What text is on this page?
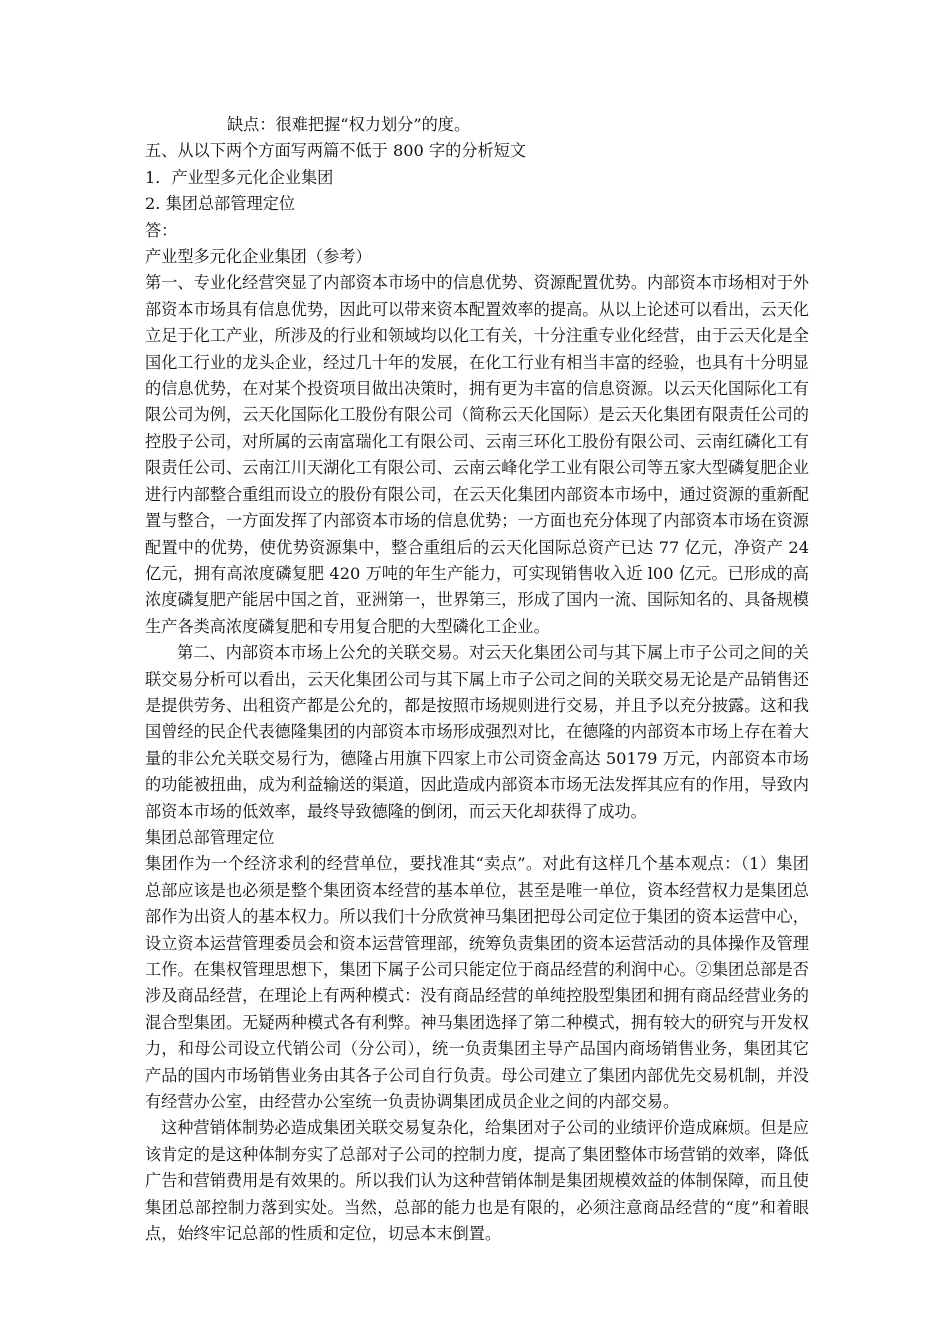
缺点：很难把握“权力划分”的度。
五、从以下两个方面写两篇不低于 800 字的分析短文
1．产业型多元化企业集团
2. 集团总部管理定位
答：
产业型多元化企业集团（参考）

第一、专业化经营突显了内部资本市场中的信息优势、资源配置优势。内部资本市场相对于外部资本市场具有信息优势，因此可以带来资本配置效率的提高。从以上论述可以看出，云天化立足于化工产业，所涉及的行业和领域均以化工有关，十分注重专业化经营，由于云天化是全国化工行业的龙头企业，经过几十年的发展，在化工行业有相当丰富的经验，也具有十分明显的信息优势，在对某个投资项目做出决策时，拥有更为丰富的信息资源。以云天化国际化工有限公司为例，云天化国际化工股份有限公司（简称云天化国际）是云天化集团有限责任公司的控股子公司，对所属的云南富瑞化工有限公司、云南三环化工股份有限公司、云南红磷化工有限责任公司、云南江川天湖化工有限公司、云南云峰化学工业有限公司等五家大型磷复肥企业进行内部整合重组而设立的股份有限公司，在云天化集团内部资本市场中，通过资源的重新配置与整合，一方面发挥了内部资本市场的信息优势；一方面也充分体现了内部资本市场在资源配置中的优势，使优势资源集中，整合重组后的云天化国际总资产已达 77 亿元，净资产 24 亿元，拥有高浓度磷复肥 420 万吨的年生产能力，可实现销售收入近 l00 亿元。已形成的高浓度磷复肥产能居中国之首，亚洲第一，世界第三，形成了国内一流、国际知名的、具备规模生产各类高浓度磷复肥和专用复合肥的大型磷化工企业。

第二、内部资本市场上公允的关联交易。对云天化集团公司与其下属上市子公司之间的关联交易分析可以看出，云天化集团公司与其下属上市子公司之间的关联交易无论是产品销售还是提供劳务、出租资产都是公允的，都是按照市场规则进行交易，并且予以充分披露。这和我国曾经的民企代表德隆集团的内部资本市场形成强烈对比，在德隆的内部资本市场上存在着大量的非公允关联交易行为，德隆占用旗下四家上市公司资金高达 50179 万元，内部资本市场的功能被扭曲，成为利益输送的渠道，因此造成内部资本市场无法发挥其应有的作用，导致内部资本市场的低效率，最终导致德隆的倒闭，而云天化却获得了成功。

集团总部管理定位

集团作为一个经济求利的经营单位，要找准其“卖点”。对此有这样几个基本观点：（1）集团总部应该是也必须是整个集团资本经营的基本单位，甚至是唯一单位，资本经营权力是集团总部作为出资人的基本权力。所以我们十分欣赏神马集团把母公司定位于集团的资本运营中心，设立资本运营管理委员会和资本运营管理部，统筹负责集团的资本运营活动的具体操作及管理工作。在集权管理思想下，集团下属子公司只能定位于商品经营的利润中心。②集团总部是否涉及商品经营，在理论上有两种模式：没有商品经营的单纯控股型集团和拥有商品经营业务的混合型集团。无疑两种模式各有利弊。神马集团选择了第二种模式，拥有较大的研究与开发权力，和母公司设立代销公司（分公司），统一负责集团主导产品国内商场销售业务，集团其它产品的国内市场销售业务由其各子公司自行负责。母公司建立了集团内部优先交易机制，并没有经营办公室，由经营办公室统一负责协调集团成员企业之间的内部交易。

这种营销体制势必造成集团关联交易复杂化，给集团对子公司的业绩评价造成麻烦。但是应该肯定的是这种体制夯实了总部对子公司的控制力度，提高了集团整体市场营销的效率，降低广告和营销费用是有效果的。所以我们认为这种营销体制是集团规模效益的体制保障，而且使集团总部控制力落到实处。当然，总部的能力也是有限的，必须注意商品经营的“度”和着眼点，始终牢记总部的性质和定位，切忌本末倒置。
